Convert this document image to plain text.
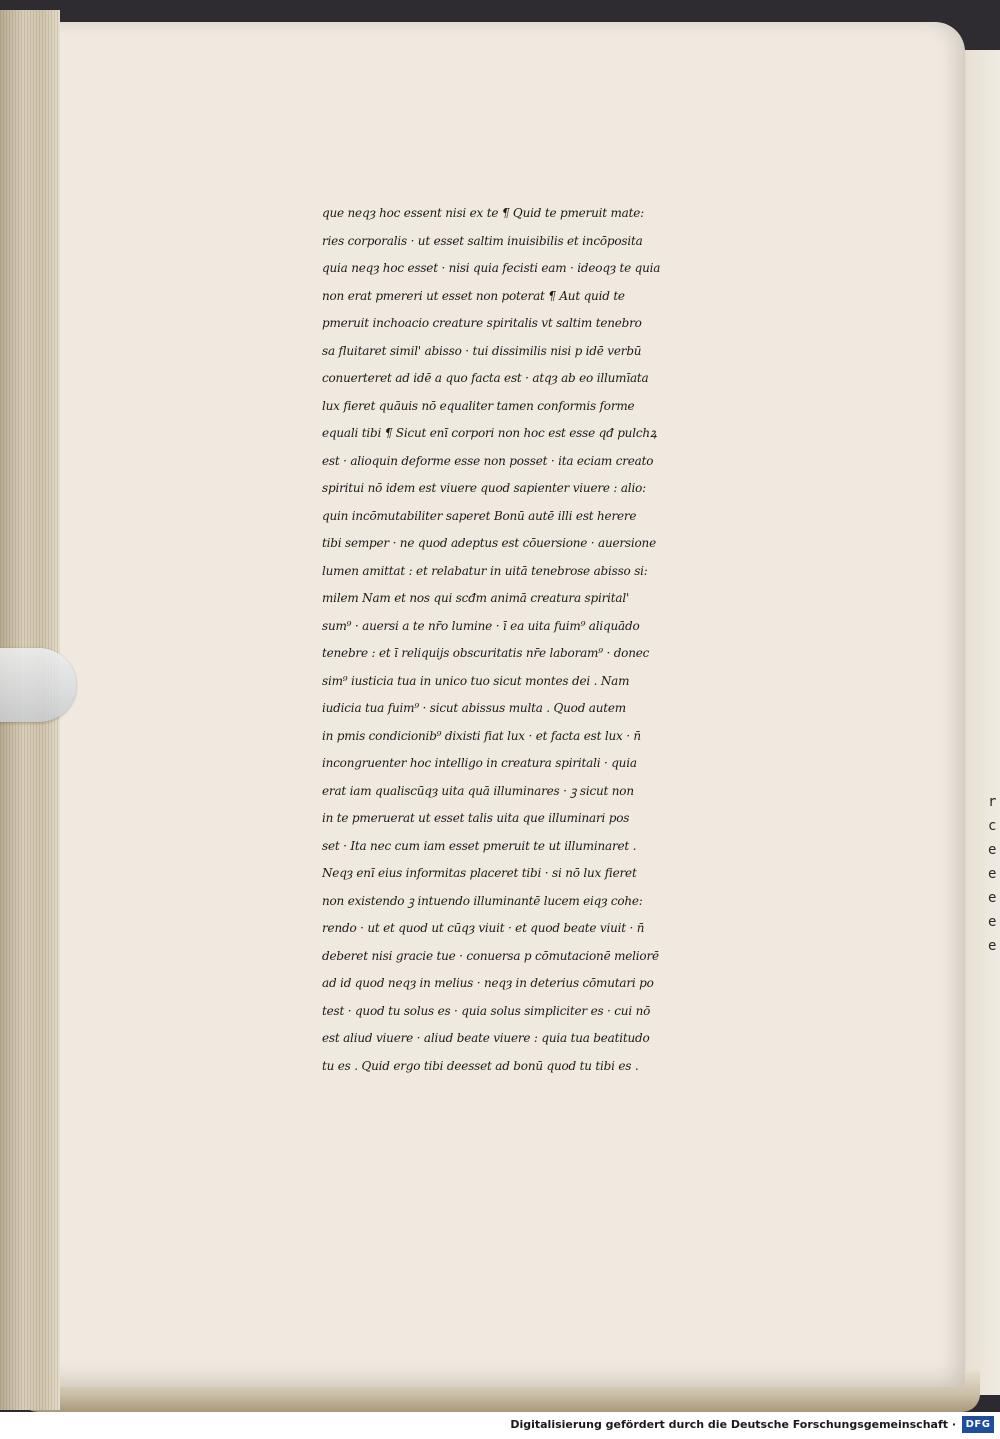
r
c
e
e
e
e
e
que neqȝ hoc essent nisi ex te ¶ Quid te pmeruit mate:
ries corporalis · ut esset saltim inuisibilis et incōposita
quia neqȝ hoc esset · nisi quia fecisti eam · ideoqȝ te quia
non erat pmereri ut esset non poterat ¶ Aut quid te
pmeruit inchoacio creature spiritalis vt saltim tenebro
sa fluitaret simil' abisso · tui dissimilis nisi p idē verbū
conuerteret ad idē a quo facta est · atqȝ ab eo illumīata
lux fieret quāuis nō equaliter tamen conformis forme
equali tibi ¶ Sicut enī corpori non hoc est esse qđ pulchꝝ
est · alioquin deforme esse non posset · ita eciam creato
spiritui nō idem est viuere quod sapienter viuere : alio:
quin incōmutabiliter saperet Bonū autē illi est herere
tibi semper · ne quod adeptus est cōuersione · auersione
lumen amittat : et relabatur in uitā tenebrose abisso si:
milem Nam et nos qui scđm animā creatura spirital'
sum⁹ · auersi a te nr̄o lumine · ī ea uita fuim⁹ aliquādo
tenebre : et ī reliquijs obscuritatis nr̄e laboram⁹ · donec
sim⁹ iusticia tua in unico tuo sicut montes dei . Nam
iudicia tua fuim⁹ · sicut abissus multa . Quod autem
in pmis condicionib⁹ dixisti fiat lux · et facta est lux · n̄
incongruenter hoc intelligo in creatura spiritali · quia
erat iam qualiscūqȝ uita quā illuminares · ꝫ sicut non
in te pmeruerat ut esset talis uita que illuminari pos
set · Ita nec cum iam esset pmeruit te ut illuminaret .
Neqȝ enī eius informitas placeret tibi · si nō lux fieret
non existendo ꝫ intuendo illuminantē lucem eiqȝ cohe:
rendo · ut et quod ut cūqȝ viuit · et quod beate viuit · n̄
deberet nisi gracie tue · conuersa p cōmutacionē meliorē
ad id quod neqȝ in melius · neqȝ in deterius cōmutari po
test · quod tu solus es · quia solus simpliciter es · cui nō
est aliud viuere · aliud beate viuere : quia tua beatitudo
tu es . Quid ergo tibi deesset ad bonū quod tu tibi es .
Digitalisierung gefördert durch die Deutsche Forschungsgemeinschaft · DFG
